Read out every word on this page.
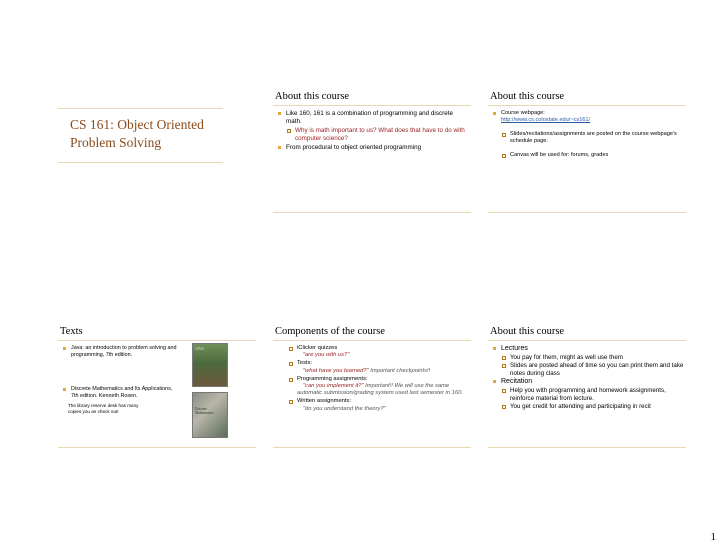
CS 161: Object Oriented Problem Solving
About this course
Like 160, 161 is a combination of programming and discrete math.
Why is math important to us? What does that have to do with computer science?
From procedural to object oriented programming
About this course
Course webpage:
http://www.cs.colostate.edu/~cs161/
Slides/recitations/assignments are posted on the course webpage's schedule page.
Canvas will be used for: forums, grades
Texts
Java: an introduction to problem solving and programming, 7th edition.
Discrete Mathematics and Its Applications,
7th edition. Kenneth Rosen.
The library reserve desk has many copies you an check out!
JAVA
Discrete Mathematics
Components of the course
iClicker quizzes
"are you with us?"
Tests:
"what have you learned?" Important checkpoints!!
Programming assignments:
"can you implement it?" Important!! We will use the same automatic submission/grading system used last semester in 160.
Written assignments:
"do you understand the theory?"
About this course
Lectures
You pay for them, might as well use them
Slides are posted ahead of time so you can print them and take notes during class
Recitation
Help you with programming and homework assignments, reinforce material from lecture.
You get credit for attending and participating in recit
1
